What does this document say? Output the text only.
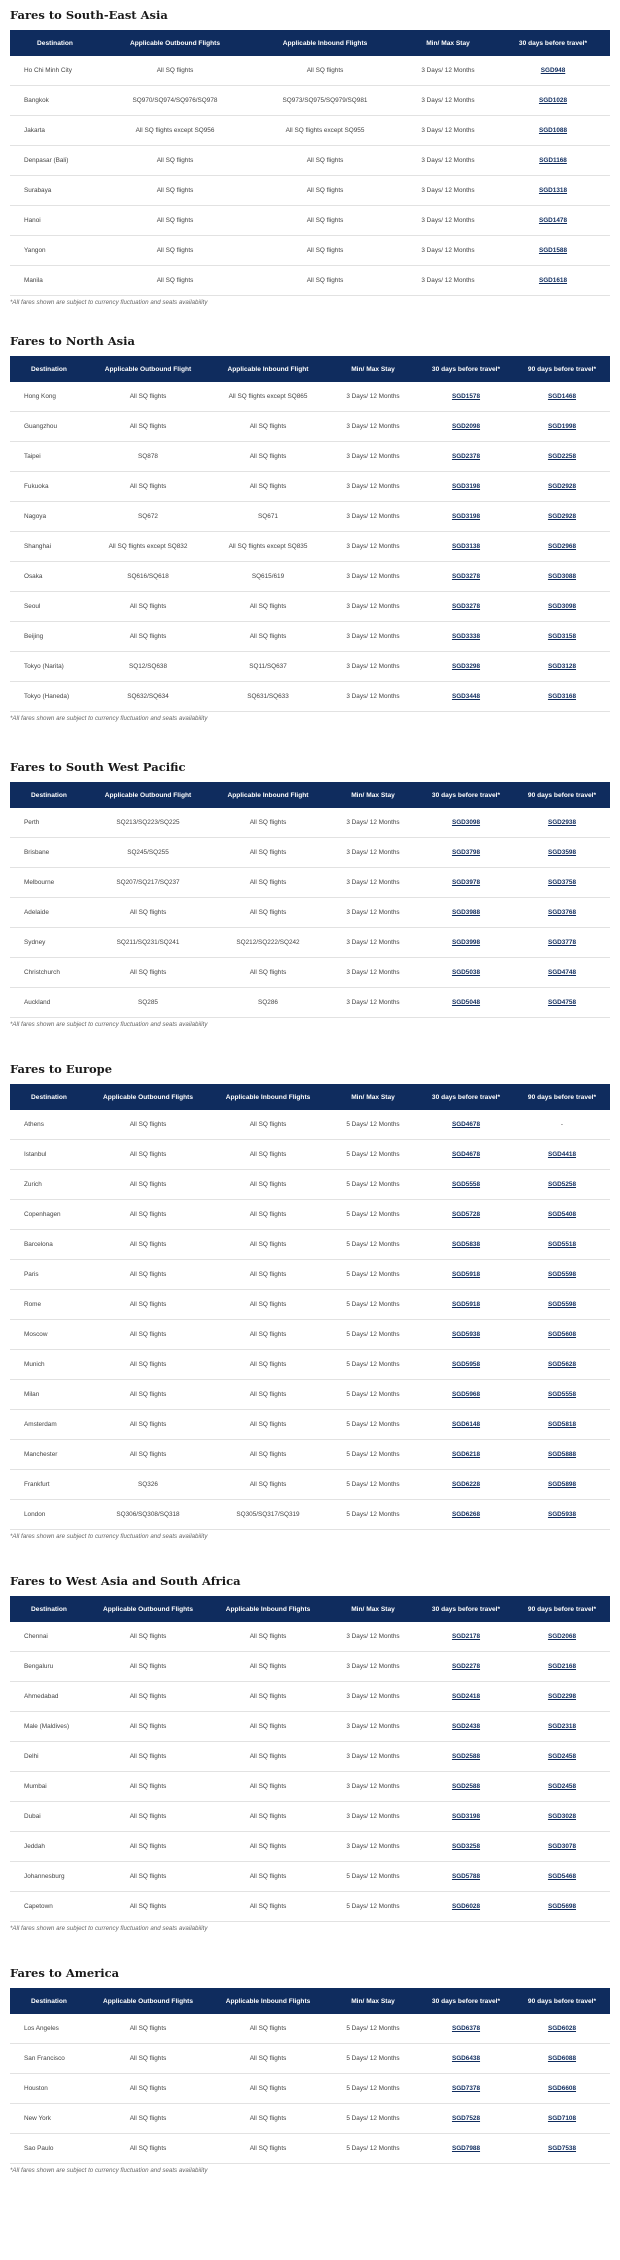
Fares to South-East Asia
Destination	Applicable Outbound Flights	Applicable Inbound Flights	Min/ Max Stay	30 days before travel*
Ho Chi Minh City	All SQ flights	All SQ flights	3 Days/ 12 Months	SGD948
Bangkok	SQ970/SQ974/SQ976/SQ978	SQ973/SQ975/SQ979/SQ981	3 Days/ 12 Months	SGD1028
Jakarta	All SQ flights except SQ956	All SQ flights except SQ955	3 Days/ 12 Months	SGD1088
Denpasar (Bali)	All SQ flights	All SQ flights	3 Days/ 12 Months	SGD1168
Surabaya	All SQ flights	All SQ flights	3 Days/ 12 Months	SGD1318
Hanoi	All SQ flights	All SQ flights	3 Days/ 12 Months	SGD1478
Yangon	All SQ flights	All SQ flights	3 Days/ 12 Months	SGD1588
Manila	All SQ flights	All SQ flights	3 Days/ 12 Months	SGD1618

*All fares shown are subject to currency fluctuation and seats availability

Fares to North Asia
Destination	Applicable Outbound Flight	Applicable Inbound Flight	Min/ Max Stay	30 days before travel*	90 days before travel*
Hong Kong	All SQ flights	All SQ flights except SQ865	3 Days/ 12 Months	SGD1578	SGD1468
Guangzhou	All SQ flights	All SQ flights	3 Days/ 12 Months	SGD2098	SGD1998
Taipei	SQ878	All SQ flights	3 Days/ 12 Months	SGD2378	SGD2258
Fukuoka	All SQ flights	All SQ flights	3 Days/ 12 Months	SGD3198	SGD2928
Nagoya	SQ672	SQ671	3 Days/ 12 Months	SGD3198	SGD2928
Shanghai	All SQ flights except SQ832	All SQ flights except SQ835	3 Days/ 12 Months	SGD3138	SGD2968
Osaka	SQ616/SQ618	SQ615/619	3 Days/ 12 Months	SGD3278	SGD3088
Seoul	All SQ flights	All SQ flights	3 Days/ 12 Months	SGD3278	SGD3098
Beijing	All SQ flights	All SQ flights	3 Days/ 12 Months	SGD3338	SGD3158
Tokyo (Narita)	SQ12/SQ638	SQ11/SQ637	3 Days/ 12 Months	SGD3298	SGD3128
Tokyo (Haneda)	SQ632/SQ634	SQ631/SQ633	3 Days/ 12 Months	SGD3448	SGD3168

*All fares shown are subject to currency fluctuation and seats availability

Fares to South West Pacific
Destination	Applicable Outbound Flight	Applicable Inbound Flight	Min/ Max Stay	30 days before travel*	90 days before travel*
Perth	SQ213/SQ223/SQ225	All SQ flights	3 Days/ 12 Months	SGD3098	SGD2938
Brisbane	SQ245/SQ255	All SQ flights	3 Days/ 12 Months	SGD3798	SGD3598
Melbourne	SQ207/SQ217/SQ237	All SQ flights	3 Days/ 12 Months	SGD3978	SGD3758
Adelaide	All SQ flights	All SQ flights	3 Days/ 12 Months	SGD3988	SGD3768
Sydney	SQ211/SQ231/SQ241	SQ212/SQ222/SQ242	3 Days/ 12 Months	SGD3998	SGD3778
Christchurch	All SQ flights	All SQ flights	3 Days/ 12 Months	SGD5038	SGD4748
Auckland	SQ285	SQ286	3 Days/ 12 Months	SGD5048	SGD4758

*All fares shown are subject to currency fluctuation and seats availability

Fares to Europe
Destination	Applicable Outbound Flights	Applicable Inbound Flights	Min/ Max Stay	30 days before travel*	90 days before travel*
Athens	All SQ flights	All SQ flights	5 Days/ 12 Months	SGD4678	-
Istanbul	All SQ flights	All SQ flights	5 Days/ 12 Months	SGD4678	SGD4418
Zurich	All SQ flights	All SQ flights	5 Days/ 12 Months	SGD5558	SGD5258
Copenhagen	All SQ flights	All SQ flights	5 Days/ 12 Months	SGD5728	SGD5408
Barcelona	All SQ flights	All SQ flights	5 Days/ 12 Months	SGD5838	SGD5518
Paris	All SQ flights	All SQ flights	5 Days/ 12 Months	SGD5918	SGD5598
Rome	All SQ flights	All SQ flights	5 Days/ 12 Months	SGD5918	SGD5598
Moscow	All SQ flights	All SQ flights	5 Days/ 12 Months	SGD5938	SGD5608
Munich	All SQ flights	All SQ flights	5 Days/ 12 Months	SGD5958	SGD5628
Milan	All SQ flights	All SQ flights	5 Days/ 12 Months	SGD5968	SGD5558
Amsterdam	All SQ flights	All SQ flights	5 Days/ 12 Months	SGD6148	SGD5818
Manchester	All SQ flights	All SQ flights	5 Days/ 12 Months	SGD6218	SGD5888
Frankfurt	SQ326	All SQ flights	5 Days/ 12 Months	SGD6228	SGD5898
London	SQ306/SQ308/SQ318	SQ305/SQ317/SQ319	5 Days/ 12 Months	SGD6268	SGD5938

*All fares shown are subject to currency fluctuation and seats availability

Fares to West Asia and South Africa
Destination	Applicable Outbound Flights	Applicable Inbound Flights	Min/ Max Stay	30 days before travel*	90 days before travel*
Chennai	All SQ flights	All SQ flights	3 Days/ 12 Months	SGD2178	SGD2068
Bengaluru	All SQ flights	All SQ flights	3 Days/ 12 Months	SGD2278	SGD2168
Ahmedabad	All SQ flights	All SQ flights	3 Days/ 12 Months	SGD2418	SGD2298
Male (Maldives)	All SQ flights	All SQ flights	3 Days/ 12 Months	SGD2438	SGD2318
Delhi	All SQ flights	All SQ flights	3 Days/ 12 Months	SGD2588	SGD2458
Mumbai	All SQ flights	All SQ flights	3 Days/ 12 Months	SGD2588	SGD2458
Dubai	All SQ flights	All SQ flights	3 Days/ 12 Months	SGD3198	SGD3028
Jeddah	All SQ flights	All SQ flights	3 Days/ 12 Months	SGD3258	SGD3078
Johannesburg	All SQ flights	All SQ flights	5 Days/ 12 Months	SGD5788	SGD5468
Capetown	All SQ flights	All SQ flights	5 Days/ 12 Months	SGD6028	SGD5698

*All fares shown are subject to currency fluctuation and seats availability

Fares to America
Destination	Applicable Outbound Flights	Applicable Inbound Flights	Min/ Max Stay	30 days before travel*	90 days before travel*
Los Angeles	All SQ flights	All SQ flights	5 Days/ 12 Months	SGD6378	SGD6028
San Francisco	All SQ flights	All SQ flights	5 Days/ 12 Months	SGD6438	SGD6088
Houston	All SQ flights	All SQ flights	5 Days/ 12 Months	SGD7378	SGD6608
New York	All SQ flights	All SQ flights	5 Days/ 12 Months	SGD7528	SGD7108
Sao Paulo	All SQ flights	All SQ flights	5 Days/ 12 Months	SGD7988	SGD7538

*All fares shown are subject to currency fluctuation and seats availability
